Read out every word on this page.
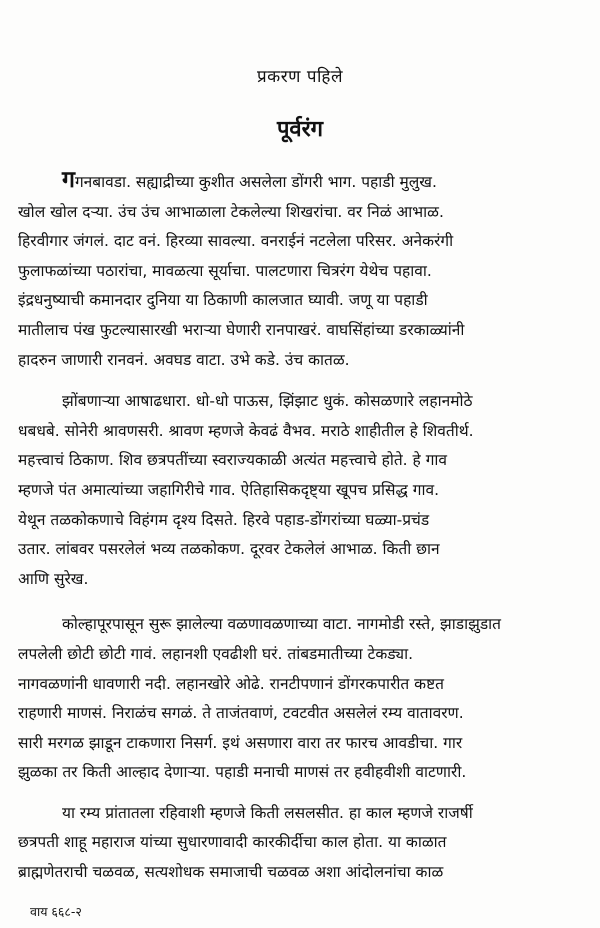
प्रकरण पहिले
पूर्वरंग

गगनबावडा. सह्याद्रीच्या कुशीत असलेला डोंगरी भाग. पहाडी मुलुख.
खोल खोल दऱ्या. उंच उंच आभाळाला टेकलेल्या शिखरांचा. वर निळं आभाळ.
हिरवीगार जंगलं. दाट वनं. हिरव्या सावल्या. वनराईनं नटलेला परिसर. अनेकरंगी
फुलाफळांच्या पठारांचा, मावळत्या सूर्याचा. पालटणारा चित्ररंग येथेच पहावा.
इंद्रधनुष्याची कमानदार दुनिया या ठिकाणी कालजात घ्यावी. जणू या पहाडी
मातीलाच पंख फुटल्यासारखी भराऱ्या घेणारी रानपाखरं. वाघसिंहांच्या डरकाळ्यांनी
हादरुन जाणारी रानवनं. अवघड वाटा. उभे कडे. उंच कातळ.

झोंबणाऱ्या आषाढधारा. धो-धो पाऊस, झिंझाट धुकं. कोसळणारे लहानमोठे
धबधबे. सोनेरी श्रावणसरी. श्रावण म्हणजे केवढं वैभव. मराठे शाहीतील हे शिवतीर्थ.
महत्त्वाचं ठिकाण. शिव छत्रपतींच्या स्वराज्यकाळी अत्यंत महत्त्वाचे होते. हे गाव
म्हणजे पंत अमात्यांच्या जहागिरीचे गाव. ऐतिहासिकदृष्ट्या खूपच प्रसिद्ध गाव.
येथून तळकोकणाचे विहंगम दृश्य दिसते. हिरवे पहाड-डोंगरांच्या घळ्या-प्रचंड
उतार. लांबवर पसरलेलं भव्य तळकोकण. दूरवर टेकलेलं आभाळ. किती छान
आणि सुरेख.

कोल्हापूरपासून सुरू झालेल्या वळणावळणाच्या वाटा. नागमोडी रस्ते, झाडाझुडात
लपलेली छोटी छोटी गावं. लहानशी एवढीशी घरं. तांबडमातीच्या टेकड्या.
नागवळणांनी धावणारी नदी. लहानखोरे ओढे. रानटीपणानं डोंगरकपारीत कष्टत
राहणारी माणसं. निराळंच सगळं. ते ताजंतवाणं, टवटवीत असलेलं रम्य वातावरण.
सारी मरगळ झाडून टाकणारा निसर्ग. इथं असणारा वारा तर फारच आवडीचा. गार
झुळका तर किती आल्हाद देणाऱ्या. पहाडी मनाची माणसं तर हवीहवीशी वाटणारी.

या रम्य प्रांतातला रहिवाशी म्हणजे किती लसलसीत. हा काल म्हणजे राजर्षी
छत्रपती शाहू महाराज यांच्या सुधारणावादी कारकीर्दीचा काल होता. या काळात
ब्राह्मणेतराची चळवळ, सत्यशोधक समाजाची चळवळ अशा आंदोलनांचा काळ

वाय ६६८-२
